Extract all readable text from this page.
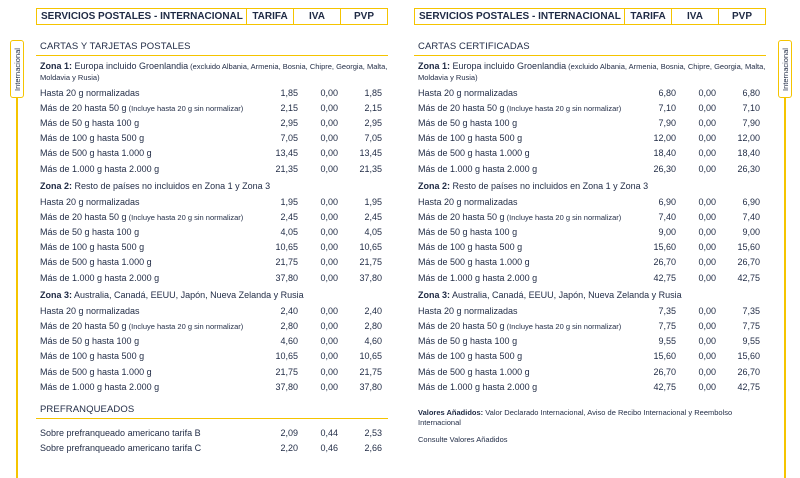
Internacional	Internacional
SERVICIOS POSTALES - INTERNACIONAL TARIFA	IVA	PVP
CARTAS Y TARJETAS POSTALES
Zona 1: Europa incluido Groenlandia (excluido Albania, Armenia, Bosnia, Chipre, Georgia, Malta, Moldavia y Rusia)
Hasta 20 g normalizadas	1,85	0,00	1,85
Más de 20 hasta 50 g (Incluye hasta 20 g sin normalizar)	2,15	0,00	2,15
Más de 50 g hasta 100 g	2,95	0,00	2,95
Más de 100 g hasta 500 g	7,05	0,00	7,05
Más de 500 g hasta 1.000 g	13,45	0,00	13,45
Más de 1.000 g hasta 2.000 g	21,35	0,00	21,35
Zona 2: Resto de países no incluidos en Zona 1 y Zona 3
Hasta 20 g normalizadas	1,95	0,00	1,95
Más de 20 hasta 50 g (Incluye hasta 20 g sin normalizar)	2,45	0,00	2,45
Más de 50 g hasta 100 g	4,05	0,00	4,05
Más de 100 g hasta 500 g	10,65	0,00	10,65
Más de 500 g hasta 1.000 g	21,75	0,00	21,75
Más de 1.000 g hasta 2.000 g	37,80	0,00	37,80
Zona 3: Australia, Canadá, EEUU, Japón, Nueva Zelanda y Rusia
Hasta 20 g normalizadas	2,40	0,00	2,40
Más de 20 hasta 50 g (Incluye hasta 20 g sin normalizar)	2,80	0,00	2,80
Más de 50 g hasta 100 g	4,60	0,00	4,60
Más de 100 g hasta 500 g	10,65	0,00	10,65
Más de 500 g hasta 1.000 g	21,75	0,00	21,75
Más de 1.000 g hasta 2.000 g	37,80	0,00	37,80
PREFRANQUEADOS
Sobre prefranqueado americano tarifa B	2,09	0,44	2,53
Sobre prefranqueado americano tarifa C	2,20	0,46	2,66
SERVICIOS POSTALES - INTERNACIONAL TARIFA	IVA	PVP
CARTAS CERTIFICADAS
Zona 1: Europa incluido Groenlandia (excluido Albania, Armenia, Bosnia, Chipre, Georgia, Malta, Moldavia y Rusia)
Hasta 20 g normalizadas	6,80	0,00	6,80
Más de 20 hasta 50 g (Incluye hasta 20 g sin normalizar)	7,10	0,00	7,10
Más de 50 g hasta 100 g	7,90	0,00	7,90
Más de 100 g hasta 500 g	12,00	0,00	12,00
Más de 500 g hasta 1.000 g	18,40	0,00	18,40
Más de 1.000 g hasta 2.000 g	26,30	0,00	26,30
Zona 2: Resto de países no incluidos en Zona 1 y Zona 3
Hasta 20 g normalizadas	6,90	0,00	6,90
Más de 20 hasta 50 g (Incluye hasta 20 g sin normalizar)	7,40	0,00	7,40
Más de 50 g hasta 100 g	9,00	0,00	9,00
Más de 100 g hasta 500 g	15,60	0,00	15,60
Más de 500 g hasta 1.000 g	26,70	0,00	26,70
Más de 1.000 g hasta 2.000 g	42,75	0,00	42,75
Zona 3: Australia, Canadá, EEUU, Japón, Nueva Zelanda y Rusia
Hasta 20 g normalizadas	7,35	0,00	7,35
Más de 20 hasta 50 g (Incluye hasta 20 g sin normalizar)	7,75	0,00	7,75
Más de 50 g hasta 100 g	9,55	0,00	9,55
Más de 100 g hasta 500 g	15,60	0,00	15,60
Más de 500 g hasta 1.000 g	26,70	0,00	26,70
Más de 1.000 g hasta 2.000 g	42,75	0,00	42,75
Valores Añadidos: Valor Declarado Internacional, Aviso de Recibo Internacional y Reembolso Internacional
Consulte Valores Añadidos
